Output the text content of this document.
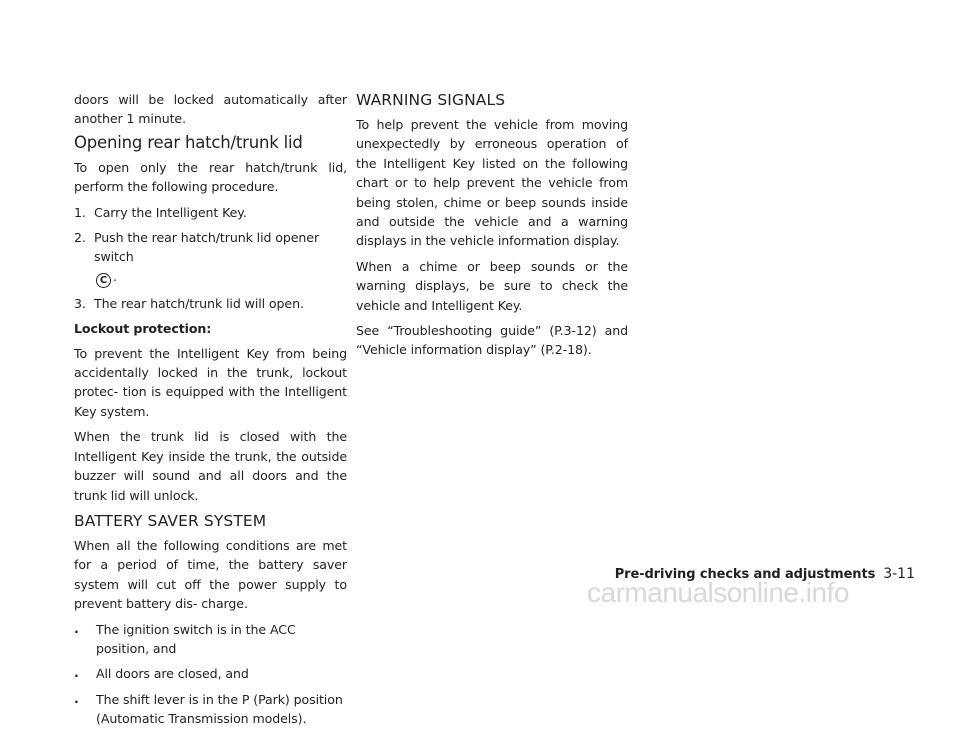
doors will be locked automatically after another 1 minute.

Opening rear hatch/trunk lid

To open only the rear hatch/trunk lid, perform the following procedure.

1. Carry the Intelligent Key.
2. Push the rear hatch/trunk lid opener switch
C .
3. The rear hatch/trunk lid will open.
Lockout protection:

To prevent the Intelligent Key from being accidentally locked in the trunk, lockout protec- tion is equipped with the Intelligent Key system.

When the trunk lid is closed with the Intelligent Key inside the trunk, the outside buzzer will sound and all doors and the trunk lid will unlock.

BATTERY SAVER SYSTEM

When all the following conditions are met for a period of time, the battery saver system will cut off the power supply to prevent battery dis- charge.

. The ignition switch is in the ACC position, and
. All doors are closed, and
. The shift lever is in the P (Park) position (Automatic Transmission models).
WARNING SIGNALS

To help prevent the vehicle from moving unexpectedly by erroneous operation of the Intelligent Key listed on the following chart or to help prevent the vehicle from being stolen, chime or beep sounds inside and outside the vehicle and a warning displays in the vehicle information display.

When a chime or beep sounds or the warning displays, be sure to check the vehicle and Intelligent Key.

See “Troubleshooting guide” (P.3-12) and “Vehicle information display” (P.2-18).

Pre-driving checks and adjustments 3-11
carmanualsonline.info
